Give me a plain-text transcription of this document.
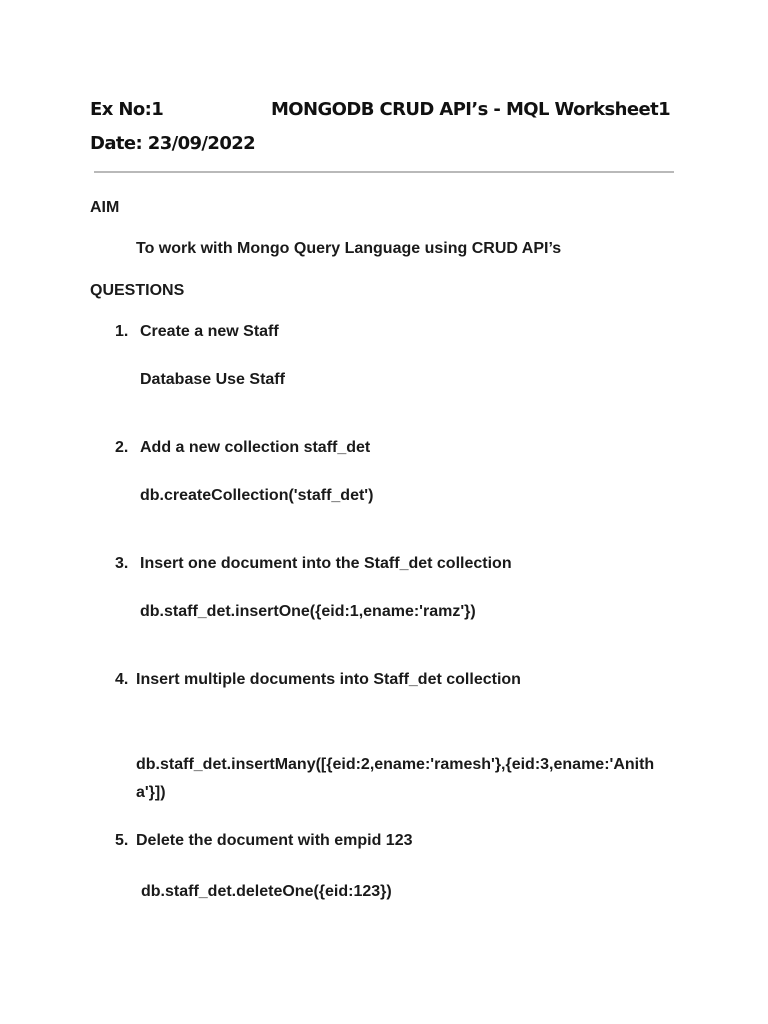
Ex No:1	MONGODB CRUD API’s - MQL Worksheet1
Date: 23/09/2022
AIM
To work with Mongo Query Language using CRUD API’s
QUESTIONS
1. Create a new Staff
Database Use Staff
2. Add a new collection staff_det
db.createCollection('staff_det')
3. Insert one document into the Staff_det collection
db.staff_det.insertOne({eid:1,ename:'ramz'})
4. Insert multiple documents into Staff_det collection
db.staff_det.insertMany([{eid:2,ename:'ramesh'},{eid:3,ename:'Anitha'}])
5. Delete the document with empid 123
db.staff_det.deleteOne({eid:123})
